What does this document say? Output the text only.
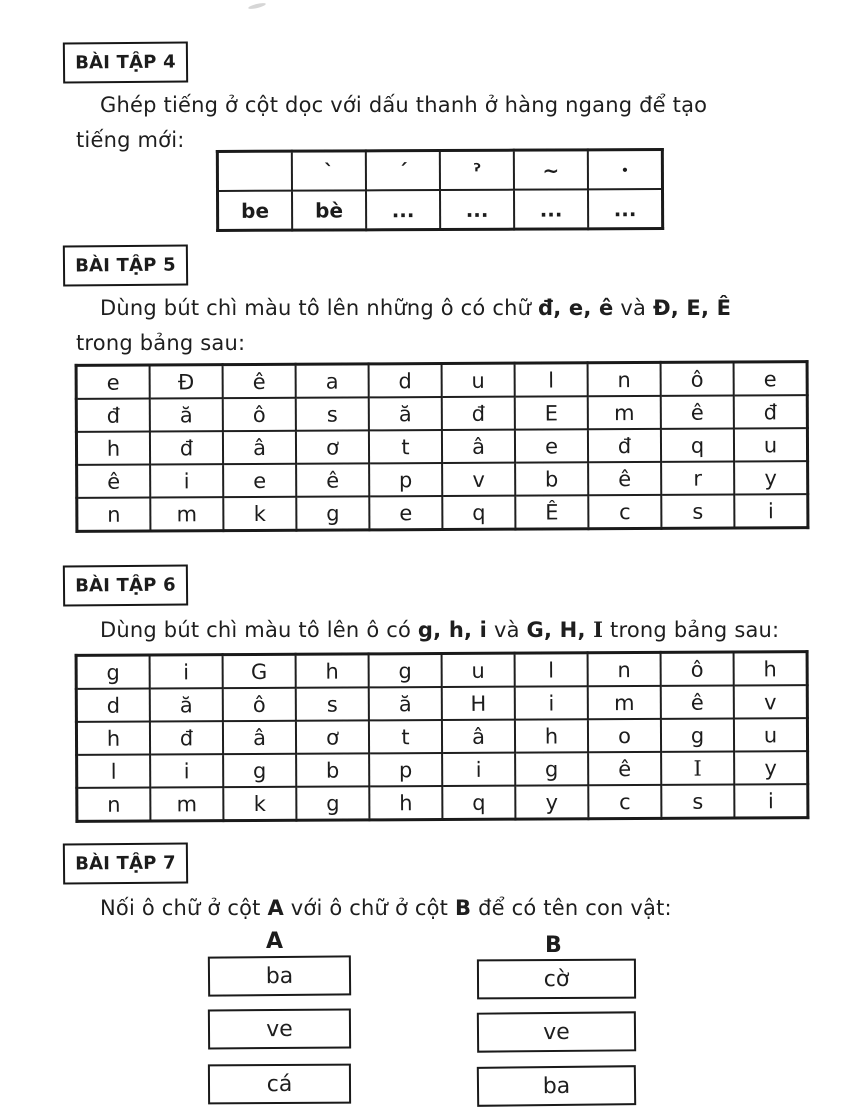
BÀI TẬP 4

Ghép tiếng ở cột dọc với dấu thanh ở hàng ngang để tạo
tiếng mới:

	`	´	ˀ	~	•
be	bè	...	...	...	...
BÀI TẬP 5

Dùng bút chì màu tô lên những ô có chữ đ, e, ê và Đ, E, Ê
trong bảng sau:

e	Đ	ê	a	d	u	l	n	ô	e
đ	ă	ô	s	ă	đ	E	m	ê	đ
h	đ	â	ơ	t	â	e	đ	q	u
ê	i	e	ê	p	v	b	ê	r	y
n	m	k	g	e	q	Ê	c	s	i
BÀI TẬP 6

Dùng bút chì màu tô lên ô có g, h, i và G, H, I trong bảng sau:

g	i	G	h	g	u	l	n	ô	h
d	ă	ô	s	ă	H	i	m	ê	v
h	đ	â	ơ	t	â	h	o	g	u
l	i	g	b	p	i	g	ê	I	y
n	m	k	g	h	q	y	c	s	i
BÀI TẬP 7

Nối ô chữ ở cột A với ô chữ ở cột B để có tên con vật:

A	B
ba
ve
cá
cờ
ve
ba
